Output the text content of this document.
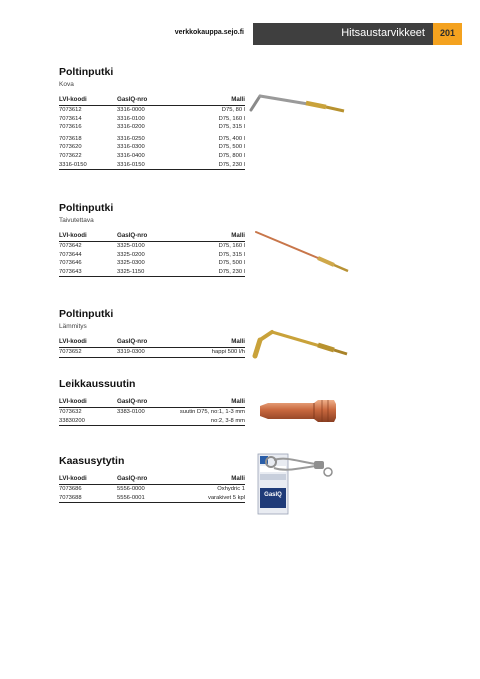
verkkokauppa.sejo.fi	Hitsaustarvikkeet	201
Poltinputki
Kova
LVI-koodi	GasIQ-nro	Malli
7073612	3316-0000	D75, 80 l
7073614	3316-0100	D75, 160 l
7073616	3316-0200	D75, 315 l
7073618	3316-0250	D75, 400 l
7073620	3316-0300	D75, 500 l
7073622	3316-0400	D75, 800 l
3316-0150	3316-0150	D75, 230 l
Poltinputki
Taivutettava
LVI-koodi	GasIQ-nro	Malli
7073642	3325-0100	D75, 160 l
7073644	3325-0200	D75, 315 l
7073646	3325-0300	D75, 500 l
7073643	3325-1150	D75, 230 l
Poltinputki
Lämmitys
LVI-koodi	GasIQ-nro	Malli
7073652	3319-0300	happi 500 l/h
Leikkaussuutin
LVI-koodi	GasIQ-nro	Malli
7073632	3383-0100	suutin D75, no:1, 1-3 mm
33830200		no:2, 3-8 mm
Kaasusytytin
LVI-koodi	GasIQ-nro	Malli
7073686	5556-0000	Oxhydric 1
7073688	5556-0001	varakivet 5 kpl	GasIQ
